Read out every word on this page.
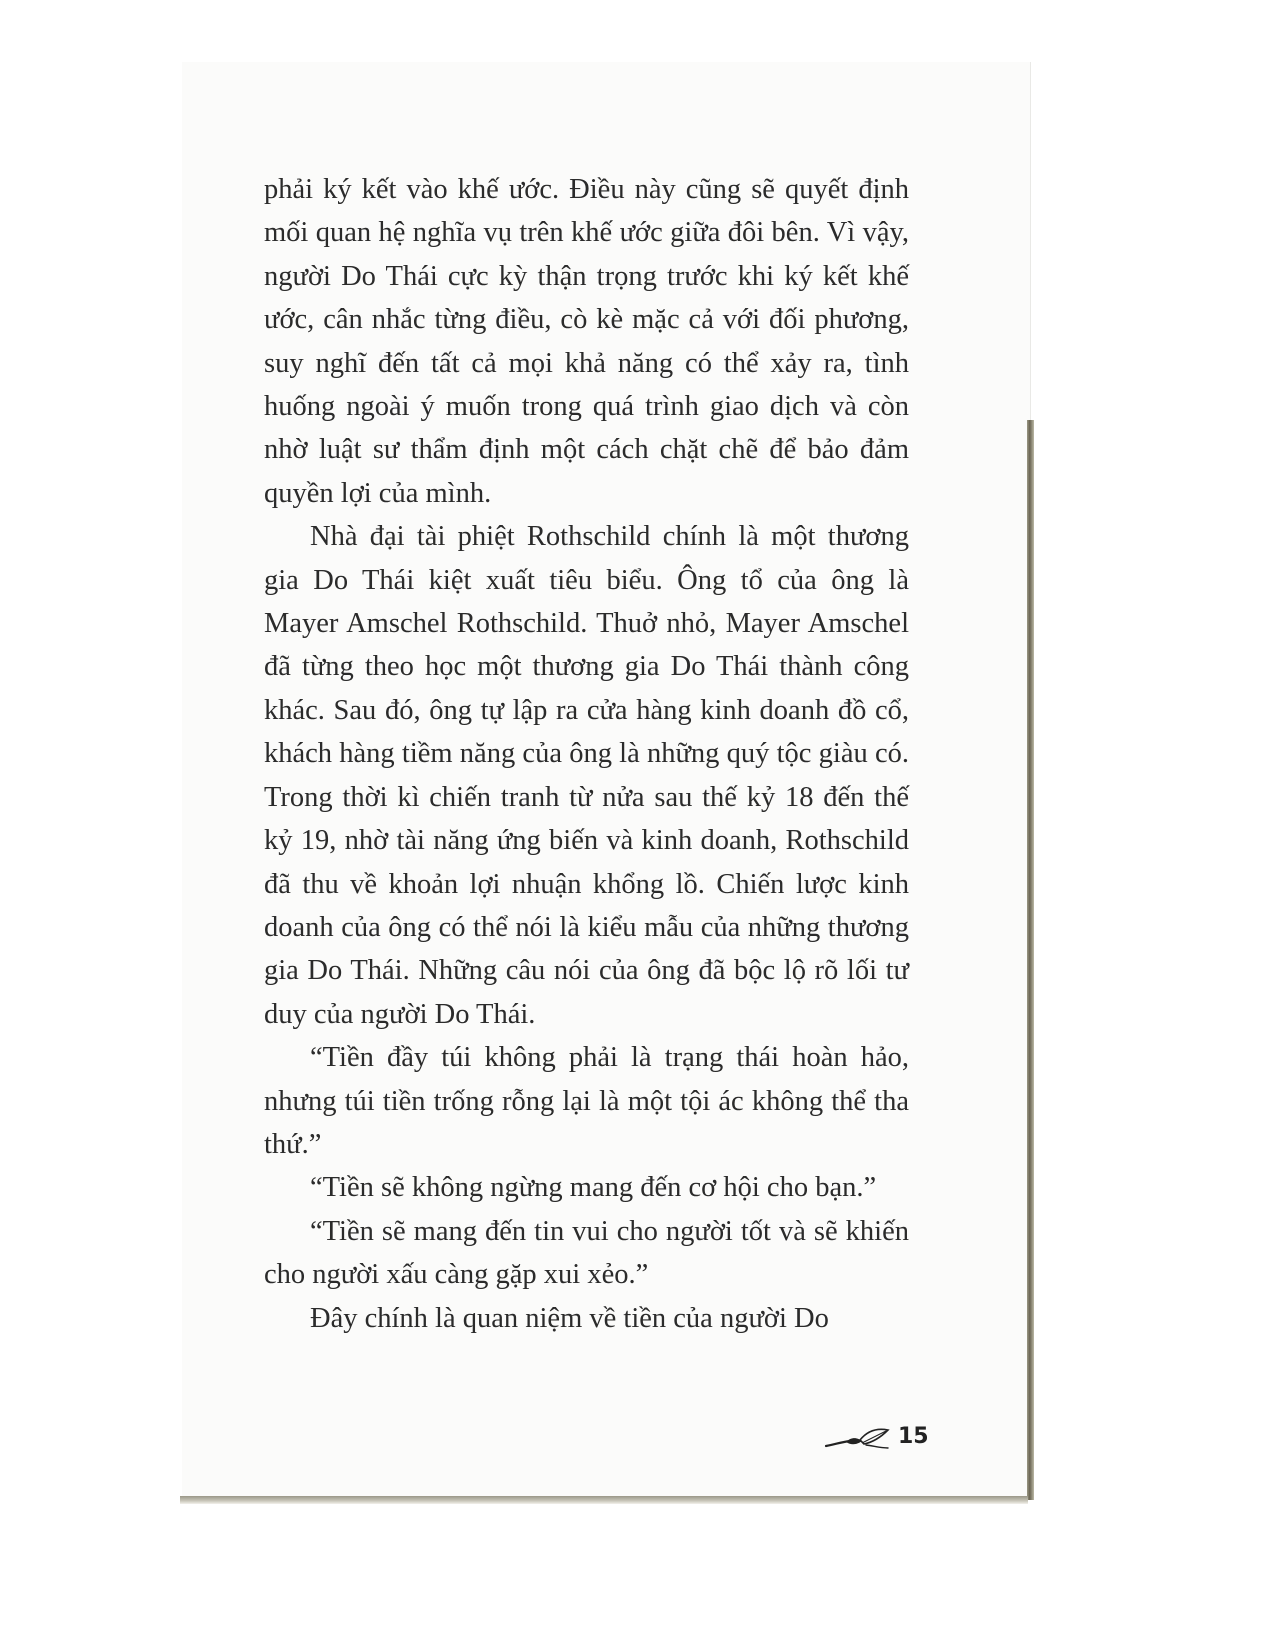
phải ký kết vào khế ước. Điều này cũng sẽ quyết định mối quan hệ nghĩa vụ trên khế ước giữa đôi bên. Vì vậy, người Do Thái cực kỳ thận trọng trước khi ký kết khế ước, cân nhắc từng điều, cò kè mặc cả với đối phương, suy nghĩ đến tất cả mọi khả năng có thể xảy ra, tình huống ngoài ý muốn trong quá trình giao dịch và còn nhờ luật sư thẩm định một cách chặt chẽ để bảo đảm quyền lợi của mình.

Nhà đại tài phiệt Rothschild chính là một thương gia Do Thái kiệt xuất tiêu biểu. Ông tổ của ông là Mayer Amschel Rothschild. Thuở nhỏ, Mayer Amschel đã từng theo học một thương gia Do Thái thành công khác. Sau đó, ông tự lập ra cửa hàng kinh doanh đồ cổ, khách hàng tiềm năng của ông là những quý tộc giàu có. Trong thời kì chiến tranh từ nửa sau thế kỷ 18 đến thế kỷ 19, nhờ tài năng ứng biến và kinh doanh, Rothschild đã thu về khoản lợi nhuận khổng lồ. Chiến lược kinh doanh của ông có thể nói là kiểu mẫu của những thương gia Do Thái. Những câu nói của ông đã bộc lộ rõ lối tư duy của người Do Thái.

“Tiền đầy túi không phải là trạng thái hoàn hảo, nhưng túi tiền trống rỗng lại là một tội ác không thể tha thứ.”

“Tiền sẽ không ngừng mang đến cơ hội cho bạn.”

“Tiền sẽ mang đến tin vui cho người tốt và sẽ khiến cho người xấu càng gặp xui xẻo.”

Đây chính là quan niệm về tiền của người Do

15
